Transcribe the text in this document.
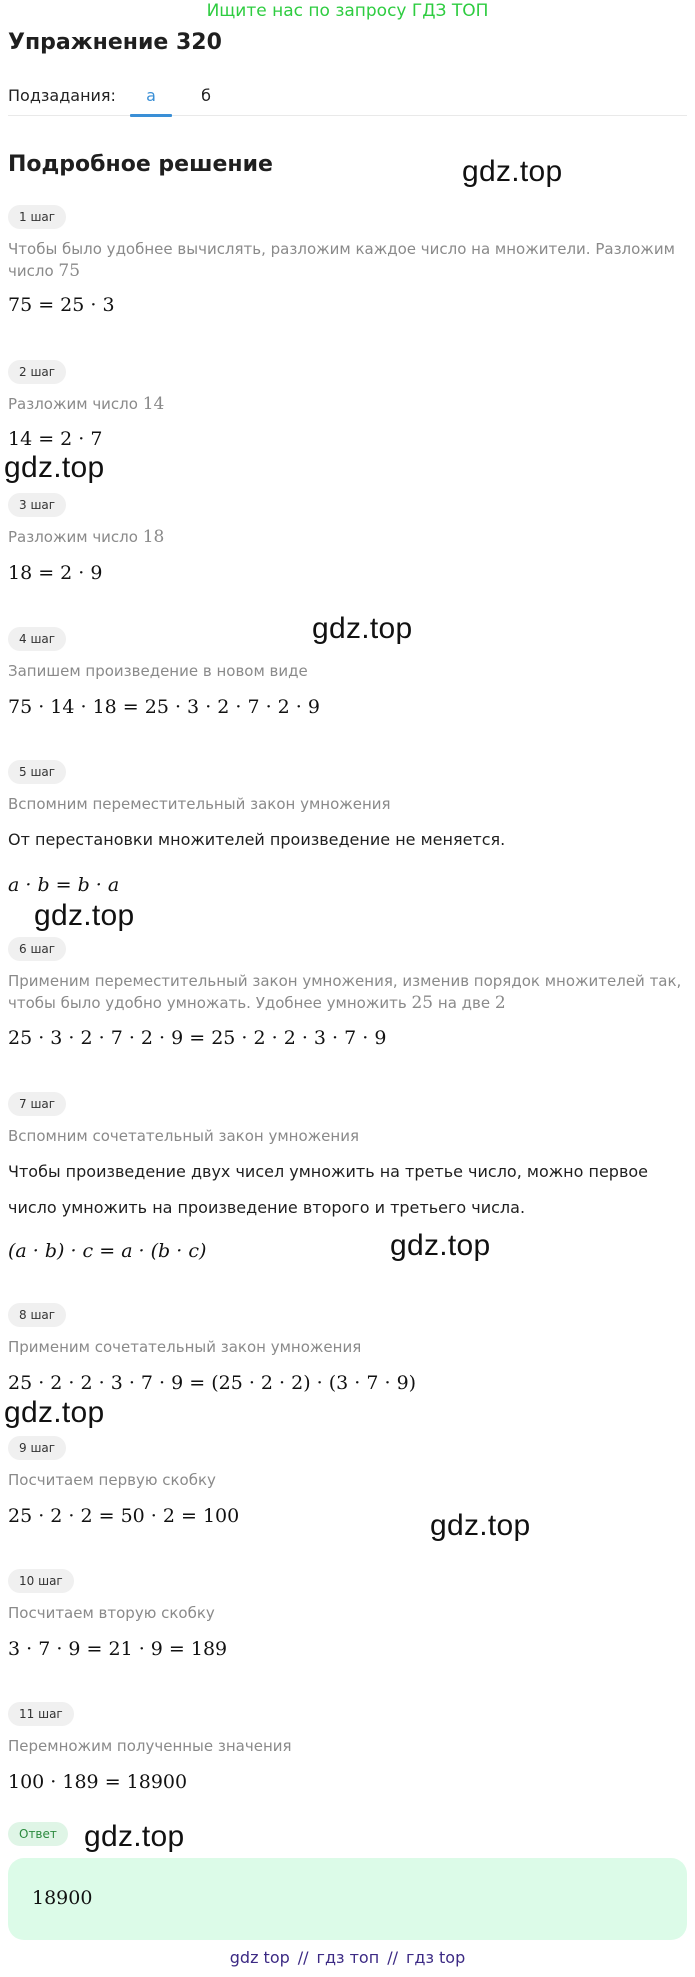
Ищите нас по запросу ГДЗ ТОП
Упражнение 320
Подзадания:	а	б
Подробное решение	gdz.top
gdz.top
gdz.top
gdz.top
gdz.top
gdz.top
gdz.top
gdz.top
1 шаг
Чтобы было удобнее вычислять, разложим каждое число на множители. Разложим число 75
75 = 25 · 3
2 шаг
Разложим число 14
14 = 2 · 7
3 шаг
Разложим число 18
18 = 2 · 9
4 шаг
Запишем произведение в новом виде
75 · 14 · 18 = 25 · 3 · 2 · 7 · 2 · 9
5 шаг
Вспомним переместительный закон умножения
От перестановки множителей произведение не меняется.
a · b = b · a
6 шаг
Применим переместительный закон умножения, изменив порядок множителей так, чтобы было удобно умножать. Удобнее умножить 25 на две 2
25 · 3 · 2 · 7 · 2 · 9 = 25 · 2 · 2 · 3 · 7 · 9
7 шаг
Вспомним сочетательный закон умножения
Чтобы произведение двух чисел умножить на третье число, можно первое число умножить на произведение второго и третьего числа.
(a · b) · c = a · (b · c)
8 шаг
Применим сочетательный закон умножения
25 · 2 · 2 · 3 · 7 · 9 = (25 · 2 · 2) · (3 · 7 · 9)
9 шаг
Посчитаем первую скобку
25 · 2 · 2 = 50 · 2 = 100
10 шаг
Посчитаем вторую скобку
3 · 7 · 9 = 21 · 9 = 189
11 шаг
Перемножим полученные значения
100 · 189 = 18900
Ответ
18900
gdz top // гдз топ // гдз top
